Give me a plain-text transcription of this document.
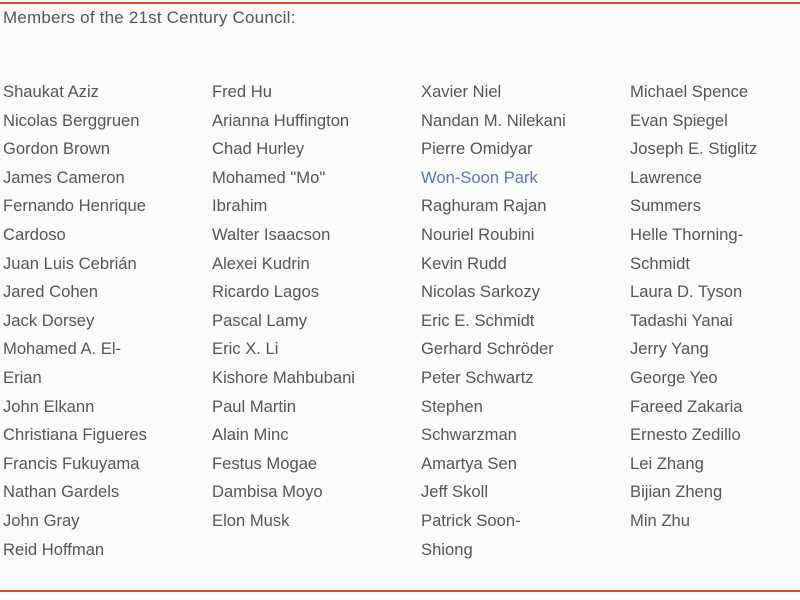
Members of the 21st Century Council:
Shaukat Aziz
Nicolas Berggruen
Gordon Brown
James Cameron
Fernando Henrique
Cardoso
Juan Luis Cebrián
Jared Cohen
Jack Dorsey
Mohamed A. El-
Erian
John Elkann
Christiana Figueres
Francis Fukuyama
Nathan Gardels
John Gray
Reid Hoffman
Fred Hu
Arianna Huffington
Chad Hurley
Mohamed "Mo"
Ibrahim
Walter Isaacson
Alexei Kudrin
Ricardo Lagos
Pascal Lamy
Eric X. Li
Kishore Mahbubani
Paul Martin
Alain Minc
Festus Mogae
Dambisa Moyo
Elon Musk
Xavier Niel
Nandan M. Nilekani
Pierre Omidyar
Won-Soon Park
Raghuram Rajan
Nouriel Roubini
Kevin Rudd
Nicolas Sarkozy
Eric E. Schmidt
Gerhard Schröder
Peter Schwartz
Stephen
Schwarzman
Amartya Sen
Jeff Skoll
Patrick Soon-
Shiong
Michael Spence
Evan Spiegel
Joseph E. Stiglitz
Lawrence
Summers
Helle Thorning-
Schmidt
Laura D. Tyson
Tadashi Yanai
Jerry Yang
George Yeo
Fareed Zakaria
Ernesto Zedillo
Lei Zhang
Bijian Zheng
Min Zhu
